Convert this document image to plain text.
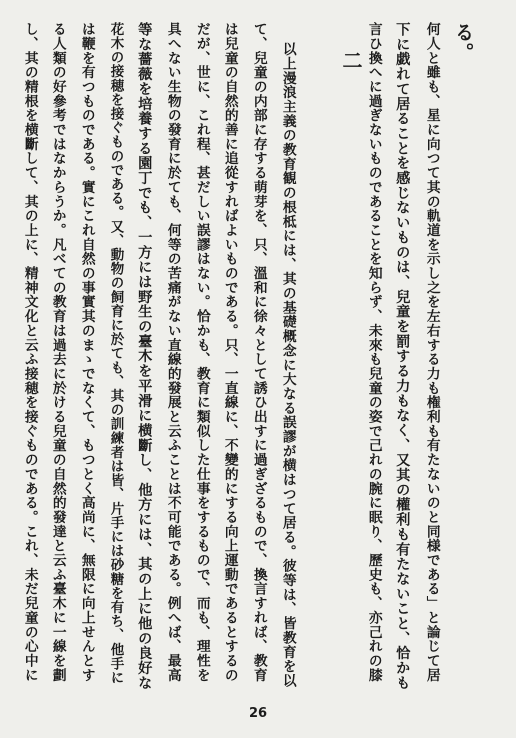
し、其の精根を横斷して、其の上に、精神文化と云ふ接穂を接ぐものである。これ、未だ兒童の心中に る人類の好參考ではなからうか。凡べての教育は過去に於ける兒童の自然的發達と云ふ臺木に一線を劃 は鞭を有つものである。實にこれ自然の事實其のまゝでなくて、もつとく高尚に、無限に向上せんとす 花木の接穂を接ぐものである。又、動物の飼育に於ても、其の訓練者は皆、片手には砂糖を有ち、他手に 等な薔薇を培養する園丁でも、一方には野生の臺木を平滑に横斷し、他方には、其の上に他の良好な 具へない生物の發育に於ても、何等の苦痛がない直線的發展と云ふことは不可能である。例へば、最高 だが、世に、これ程、甚だしい誤謬はない。恰かも、教育に類似した仕事をするもので、而も、理性を は兒童の自然的善に追從すればよいものである。只、一直線に、不變的にする向上運動であるとするの て、兒童の内部に存する萌芽を、只、溫和に徐々として誘ひ出すに過ぎざるもので、換言すれば、教育 以上漫浪主義の教育観の根柢には、其の基礎概念に大なる誤謬が横はつて居る。彼等は、皆教育を以 二 言ひ換へに過ぎないものであることを知らず、未來も兒童の姿で己れの腕に眠り、歷史も、亦己れの膝 下に戯れて居ることを感じないものは、兒童を罰する力もなく、又其の權利も有たないこと、恰かも 何人と雖も、星に向つて其の軌道を示し之を左右する力も権利も有たないのと同様である」と論じて居 る。
26
